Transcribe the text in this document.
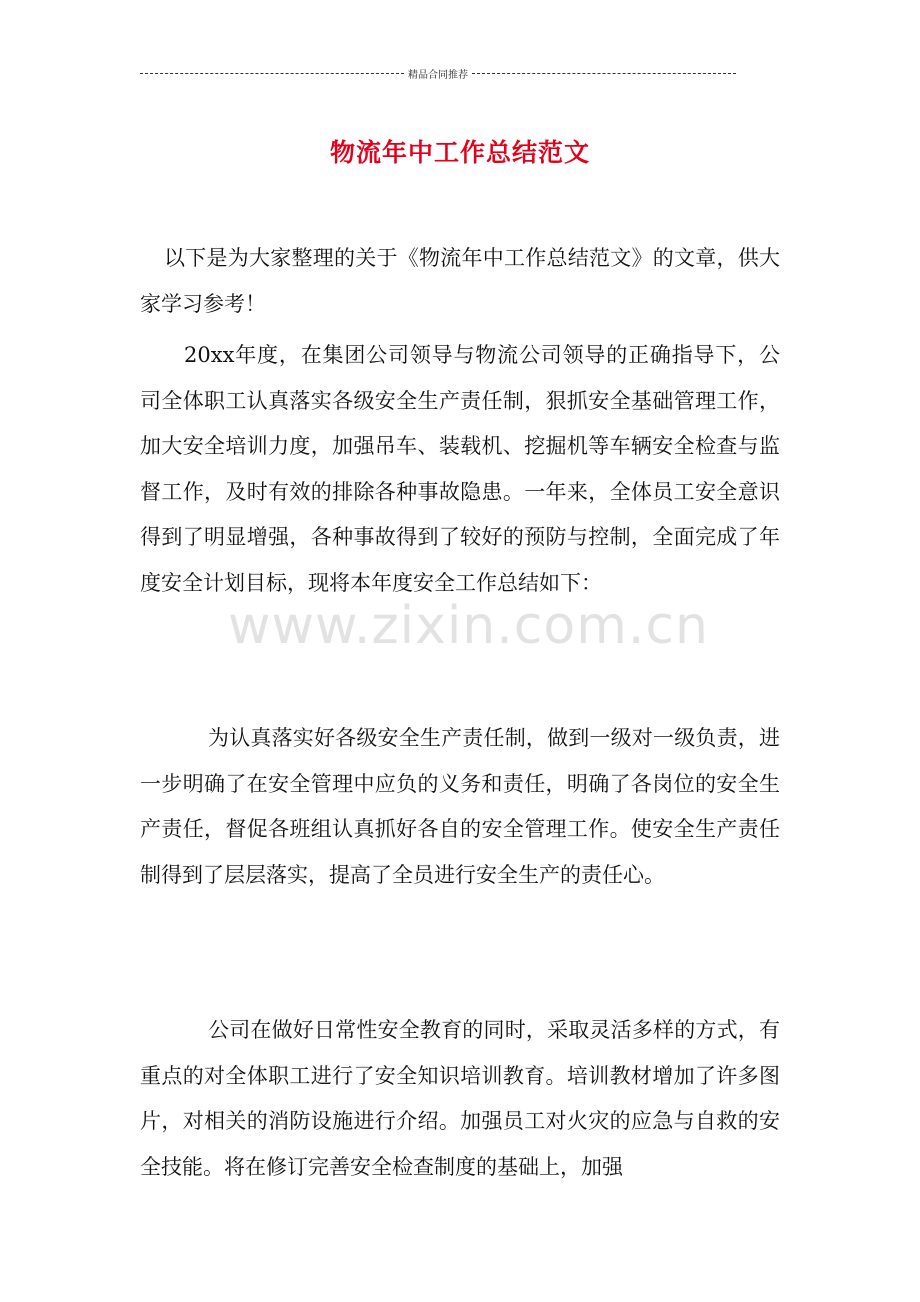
精品合同推荐
物流年中工作总结范文

以下是为大家整理的关于《物流年中工作总结范文》的文章，供大家学习参考！

20xx年度，在集团公司领导与物流公司领导的正确指导下，公司全体职工认真落实各级安全生产责任制，狠抓安全基础管理工作，加大安全培训力度，加强吊车、装载机、挖掘机等车辆安全检查与监督工作，及时有效的排除各种事故隐患。一年来，全体员工安全意识得到了明显增强，各种事故得到了较好的预防与控制，全面完成了年度安全计划目标，现将本年度安全工作总结如下：

为认真落实好各级安全生产责任制，做到一级对一级负责，进一步明确了在安全管理中应负的义务和责任，明确了各岗位的安全生产责任，督促各班组认真抓好各自的安全管理工作。使安全生产责任制得到了层层落实，提高了全员进行安全生产的责任心。

公司在做好日常性安全教育的同时，采取灵活多样的方式，有重点的对全体职工进行了安全知识培训教育。培训教材增加了许多图片，对相关的消防设施进行介绍。加强员工对火灾的应急与自救的安全技能。将在修订完善安全检查制度的基础上，加强

www.zixin.com.cn
